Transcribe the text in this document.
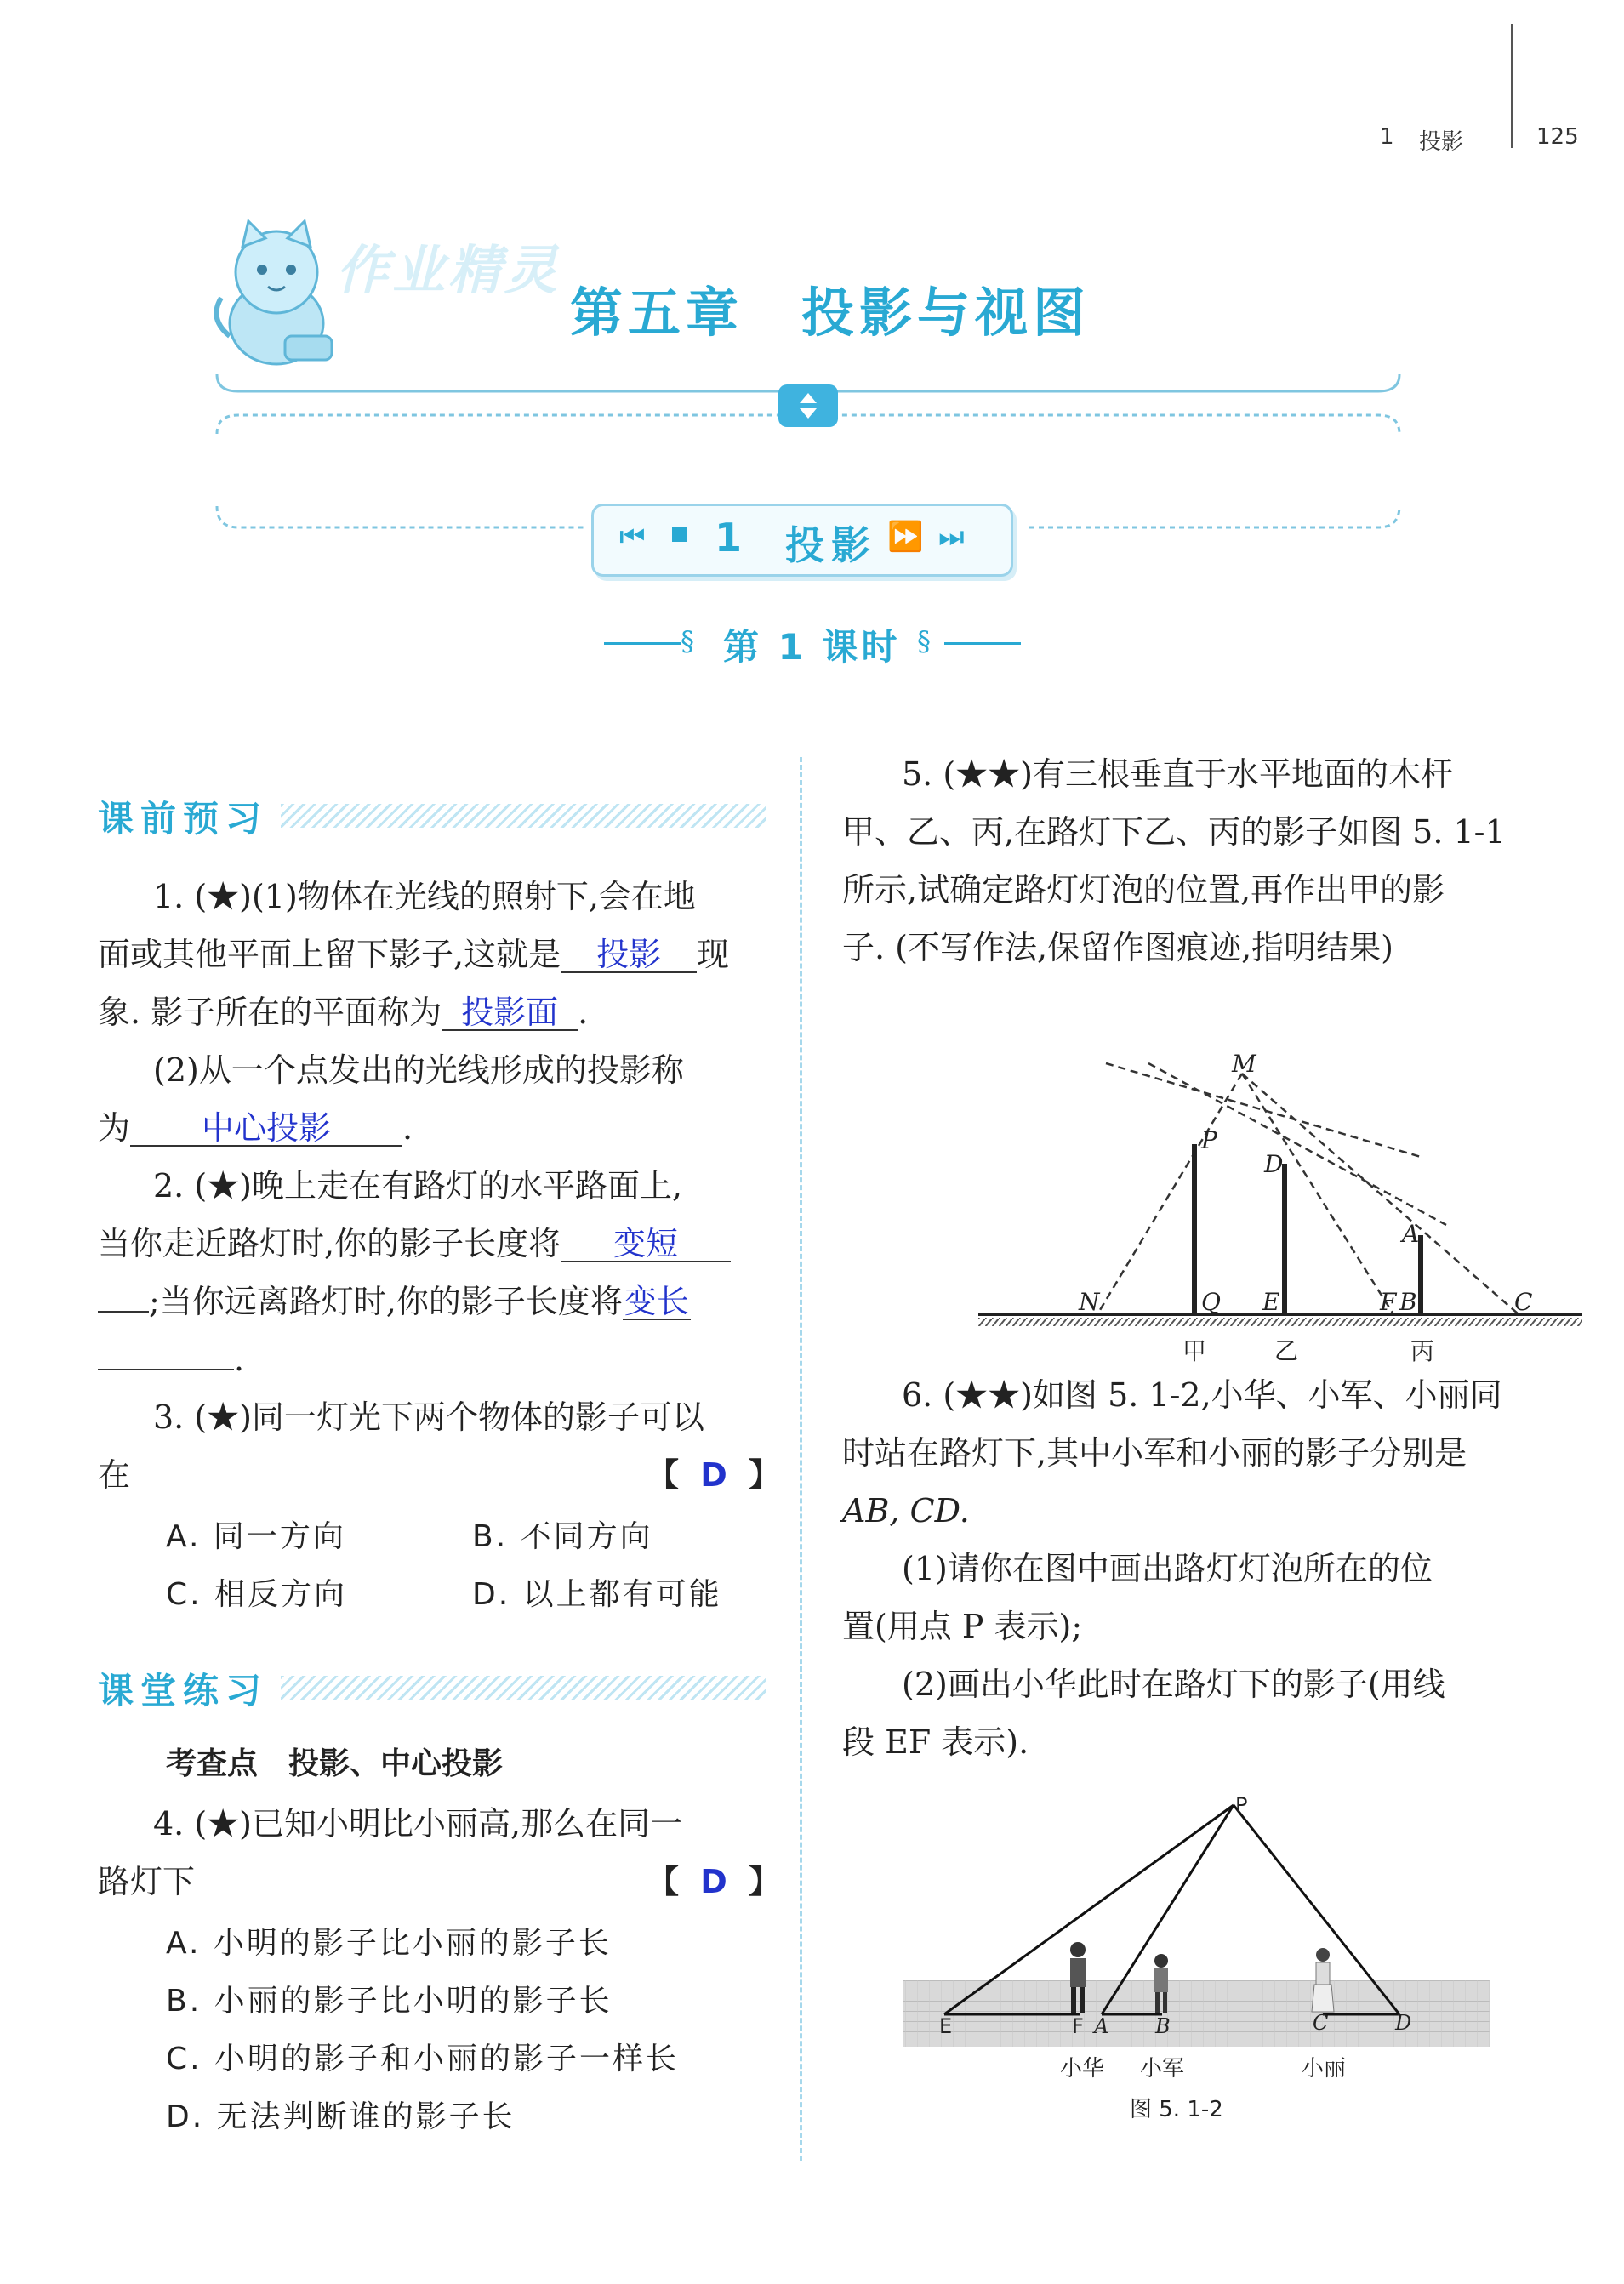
1 投影	125
作业精灵
第五章　投影与视图
⏮ 1 投影 ⏩ ⏭
§ 第 1 课时 §
课前预习
1. (★)(1)物体在光线的照射下,会在地
面或其他平面上留下影子,这就是 投影 现
象. 影子所在的平面称为 投影面 .
(2)从一个点发出的光线形成的投影称
为 中心投影 .
2. (★)晚上走在有路灯的水平路面上,
当你走近路灯时,你的影子长度将 变短
;当你远离路灯时,你的影子长度将变长
.
3. (★)同一灯光下两个物体的影子可以
在	【 D 】
A. 同一方向	B. 不同方向
C. 相反方向	D. 以上都有可能
课堂练习
考查点　投影、中心投影
4. (★)已知小明比小丽高,那么在同一
路灯下	【 D 】
A. 小明的影子比小丽的影子长
B. 小丽的影子比小明的影子长
C. 小明的影子和小丽的影子一样长
D. 无法判断谁的影子长
5. (★★)有三根垂直于水平地面的木杆
甲、乙、丙,在路灯下乙、丙的影子如图 5. 1-1
所示,试确定路灯灯泡的位置,再作出甲的影
子. (不写作法,保留作图痕迹,指明结果)
M
P
D
A
N	Q E	F B	C
甲	乙	丙
6. (★★)如图 5. 1-2,小华、小军、小丽同
时站在路灯下,其中小军和小丽的影子分别是
AB, CD.
(1)请你在图中画出路灯灯泡所在的位
置(用点 P 表示);
(2)画出小华此时在路灯下的影子(用线
段 EF 表示).
P
E	F A B	C	D
小华 小军	小丽
图 5. 1-2
